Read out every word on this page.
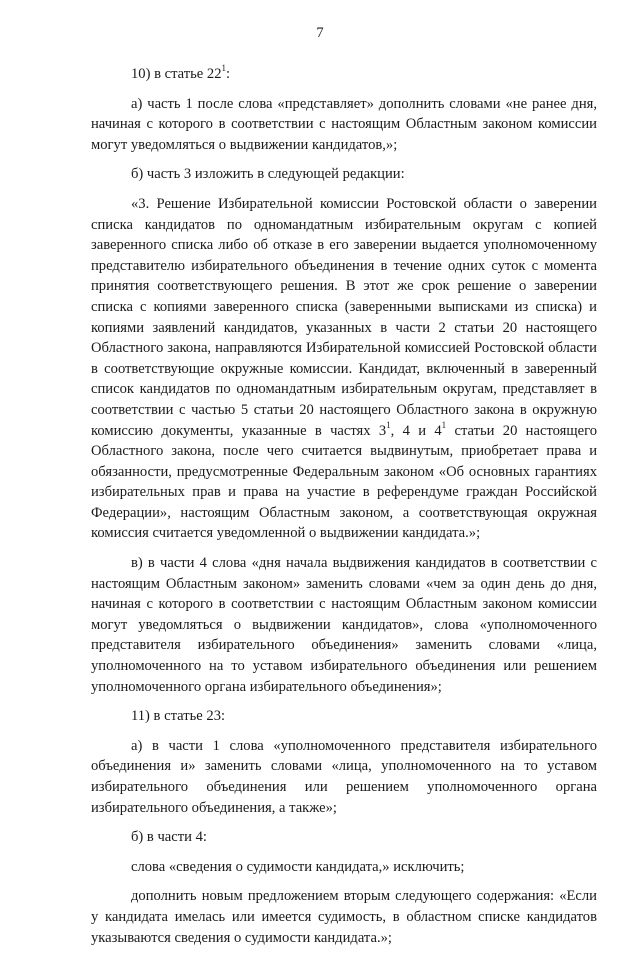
7

10) в статье $22^1$:

а) часть 1 после слова «представляет» дополнить словами «не ранее дня, начиная с которого в соответствии с настоящим Областным законом комиссии могут уведомляться о выдвижении кандидатов,»;

б) часть 3 изложить в следующей редакции:

«3. Решение Избирательной комиссии Ростовской области о заверении списка кандидатов по одномандатным избирательным округам с копией заверенного списка либо об отказе в его заверении выдается уполномоченному представителю избирательного объединения в течение одних суток с момента принятия соответствующего решения. В этот же срок решение о заверении списка с копиями заверенного списка (заверенными выписками из списка) и копиями заявлений кандидатов, указанных в части 2 статьи 20 настоящего Областного закона, направляются Избирательной комиссией Ростовской области в соответствующие окружные комиссии. Кандидат, включенный в заверенный список кандидатов по одномандатным избирательным округам, представляет в соответствии с частью 5 статьи 20 настоящего Областного закона в окружную комиссию документы, указанные в частях $3^1$, 4 и $4^1$ статьи 20 настоящего Областного закона, после чего считается выдвинутым, приобретает права и обязанности, предусмотренные Федеральным законом «Об основных гарантиях избирательных прав и права на участие в референдуме граждан Российской Федерации», настоящим Областным законом, а соответствующая окружная комиссия считается уведомленной о выдвижении кандидата.»;

в) в части 4 слова «дня начала выдвижения кандидатов в соответствии с настоящим Областным законом» заменить словами «чем за один день до дня, начиная с которого в соответствии с настоящим Областным законом комиссии могут уведомляться о выдвижении кандидатов», слова «уполномоченного представителя избирательного объединения» заменить словами «лица, уполномоченного на то уставом избирательного объединения или решением уполномоченного органа избирательного объединения»;

11) в статье 23:

а) в части 1 слова «уполномоченного представителя избирательного объединения и» заменить словами «лица, уполномоченного на то уставом избирательного объединения или решением уполномоченного органа избирательного объединения, а также»;

б) в части 4:

слова «сведения о судимости кандидата,» исключить;

дополнить новым предложением вторым следующего содержания: «Если у кандидата имелась или имеется судимость, в областном списке кандидатов указываются сведения о судимости кандидата.»;
